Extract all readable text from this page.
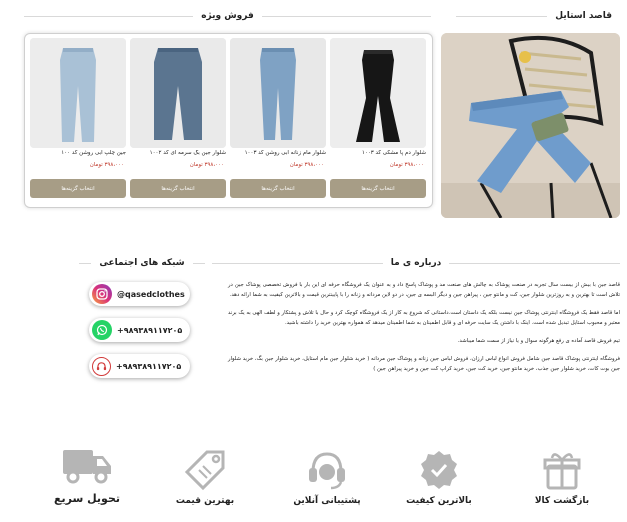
فروش ویژه	قاصد استایل
شلوار دم پا مشکی کد ۱۰۰۳
۳۹۸،۰۰۰ تومان
انتخاب گزینه‌ها
شلوار مام زنانه آبی روشن کد ۱۰۰۳
۳۹۸،۰۰۰ تومان
انتخاب گزینه‌ها
شلوار جین بگ سرمه ای کد ۱۰۰۲
۳۹۸،۰۰۰ تومان
انتخاب گزینه‌ها
جین چلپ آبی روشن کد ۱۰۰
۳۹۸،۰۰۰ تومان
انتخاب گزینه‌ها
درباره ی ما
شبکه های اجتماعی

قاصد جین با بیش از بیست سال تجربه در صنعت پوشاک به چالش های صنعت مد و پوشاک پاسخ داد و به عنوان یک فروشگاه حرفه ای این بار با فروش تخصصی پوشاک جین در تلاش است تا بهترین و به روزترین شلوار جین، کت و مانتو جین ، پیراهن جین و دیگر البسه ی جین، در دو لاین مردانه و زنانه را با پایینترین قیمت و بالاترین کیفیت به شما ارائه دهد.

اما قاصد فقط یک فروشگاه اینترنتی پوشاک جین نیست بلکه یک داستان است.داستانی که شروع به کار از یک فروشگاه کوچک کرد و حال با تلاش و پشتکار و لطف الهی به یک برند معتبر و محبوب استایل تبدیل شده است. اینک با داشتن یک سایت حرفه ای و قابل اطمینان به شما اطمینان میدهد که همواره بهترین خرید را داشته باشید.

تیم فروش قاصد آماده ی رفع هرگونه سوال و یا نیاز از سمت شما میباشد.

فروشگاه اینترنتی پوشاک قاصد جین شامل فروش انواع لباس ارزان، فروش لباس جین زنانه و پوشاک جین مردانه ( خرید شلوار جین مام استایل، خرید شلوار جین بگ، خرید شلوار جین بوت کات، خرید شلوار جین جذب، خرید مانتو جین، خرید کت جین، خرید کراپ کت جین و خرید پیراهن جین )

@qasedclothes
+۹۸۹۳۸۹۱۱۷۲۰۵
+۹۸۹۳۸۹۱۱۷۲۰۵
بازگشت کالا
بالاترین کیفیت
پشتیبانی آنلاین
بهترین قیمت
تحویل سریع
